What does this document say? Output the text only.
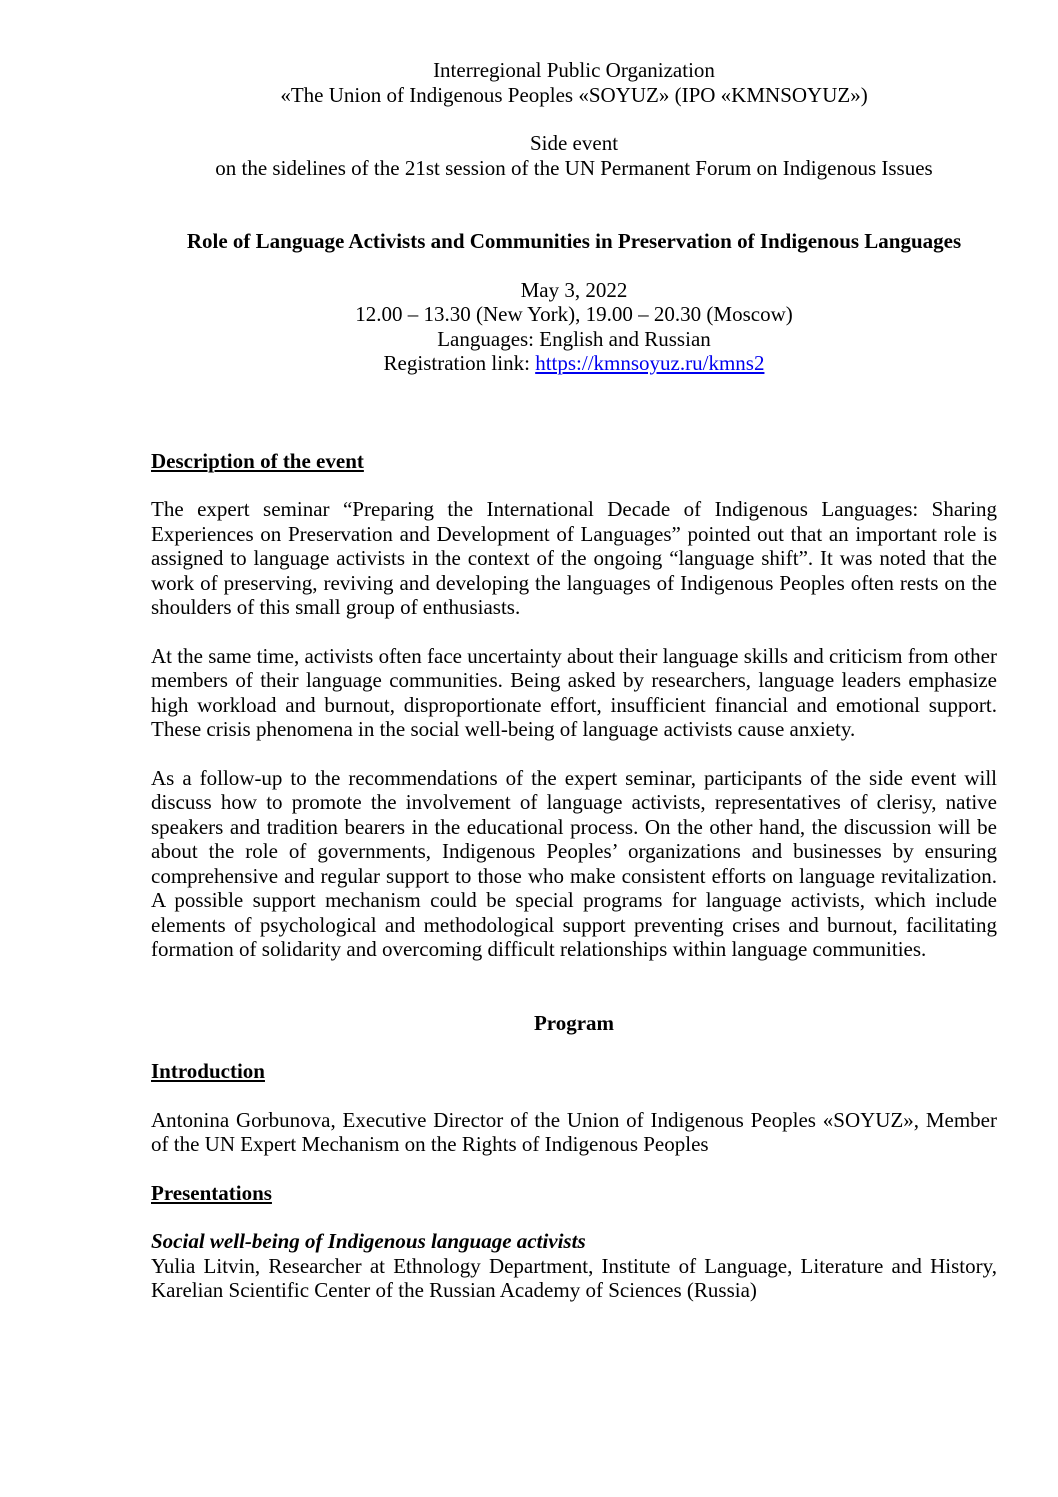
Interregional Public Organization

«The Union of Indigenous Peoples «SOYUZ» (IPO «KMNSOYUZ»)

Side event

on the sidelines of the 21st session of the UN Permanent Forum on Indigenous Issues

Role of Language Activists and Communities in Preservation of Indigenous Languages

May 3, 2022

12.00 – 13.30 (New York), 19.00 – 20.30 (Moscow)

Languages: English and Russian

Registration link: https://kmnsoyuz.ru/kmns2

Description of the event

The expert seminar “Preparing the International Decade of Indigenous Languages: Sharing Experiences on Preservation and Development of Languages” pointed out that an important role is assigned to language activists in the context of the ongoing “language shift”. It was noted that the work of preserving, reviving and developing the languages of Indigenous Peoples often rests on the shoulders of this small group of enthusiasts.

At the same time, activists often face uncertainty about their language skills and criticism from other members of their language communities. Being asked by researchers, language leaders emphasize high workload and burnout, disproportionate effort, insufficient financial and emotional support. These crisis phenomena in the social well-being of language activists cause anxiety.

As a follow-up to the recommendations of the expert seminar, participants of the side event will discuss how to promote the involvement of language activists, representatives of clerisy, native speakers and tradition bearers in the educational process. On the other hand, the discussion will be about the role of governments, Indigenous Peoples’ organizations and businesses by ensuring comprehensive and regular support to those who make consistent efforts on language revitalization. A possible support mechanism could be special programs for language activists, which include elements of psychological and methodological support preventing crises and burnout, facilitating formation of solidarity and overcoming difficult relationships within language communities.

Program

Introduction

Antonina Gorbunova, Executive Director of the Union of Indigenous Peoples «SOYUZ», Member of the UN Expert Mechanism on the Rights of Indigenous Peoples

Presentations

Social well-being of Indigenous language activists

Yulia Litvin, Researcher at Ethnology Department, Institute of Language, Literature and History, Karelian Scientific Center of the Russian Academy of Sciences (Russia)
